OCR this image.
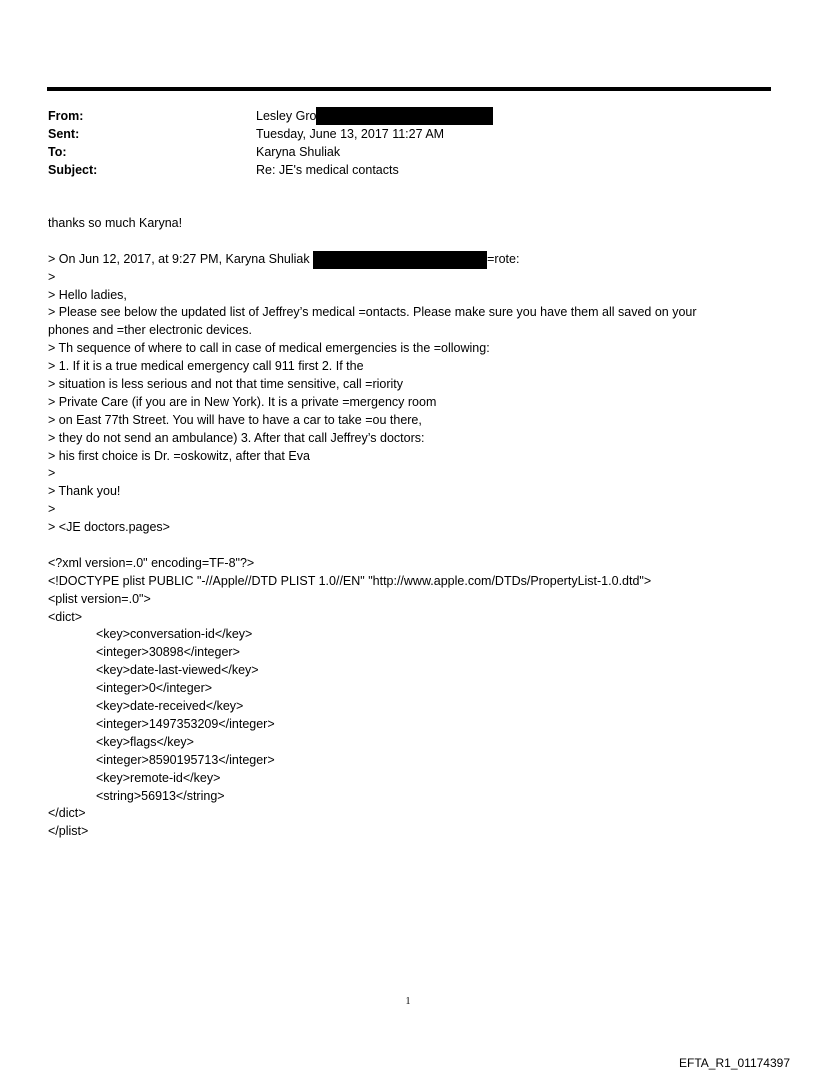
From:	Lesley Gro
Sent:	Tuesday, June 13, 2017 11:27 AM
To:	Karyna Shuliak
Subject:	Re: JE's medical contacts
thanks so much Karyna!
> On Jun 12, 2017, at 9:27 PM, Karyna Shuliak	=rote:
>
> Hello ladies,
> Please see below the updated list of Jeffrey’s medical =ontacts. Please make sure you have them all saved on your
phones and =ther electronic devices.
> Th sequence of where to call in case of medical emergencies is the =ollowing:
> 1. If it is a true medical emergency call 911 first 2. If the
> situation is less serious and not that time sensitive, call =riority
> Private Care (if you are in New York). It is a private =mergency room
> on East 77th Street. You will have to have a car to take =ou there,
> they do not send an ambulance) 3. After that call Jeffrey’s doctors:
> his first choice is Dr. =oskowitz, after that Eva
>
> Thank you!
>
> <JE doctors.pages>
<?xml version=.0" encoding=TF-8"?>
<!DOCTYPE plist PUBLIC "-//Apple//DTD PLIST 1.0//EN" "http://www.apple.com/DTDs/PropertyList-1.0.dtd">
<plist version=.0">
<dict>
<key>conversation-id</key>
<integer>30898</integer>
<key>date-last-viewed</key>
<integer>0</integer>
<key>date-received</key>
<integer>1497353209</integer>
<key>flags</key>
<integer>8590195713</integer>
<key>remote-id</key>
<string>56913</string>
</dict>
</plist>
1
EFTA_R1_01174397
